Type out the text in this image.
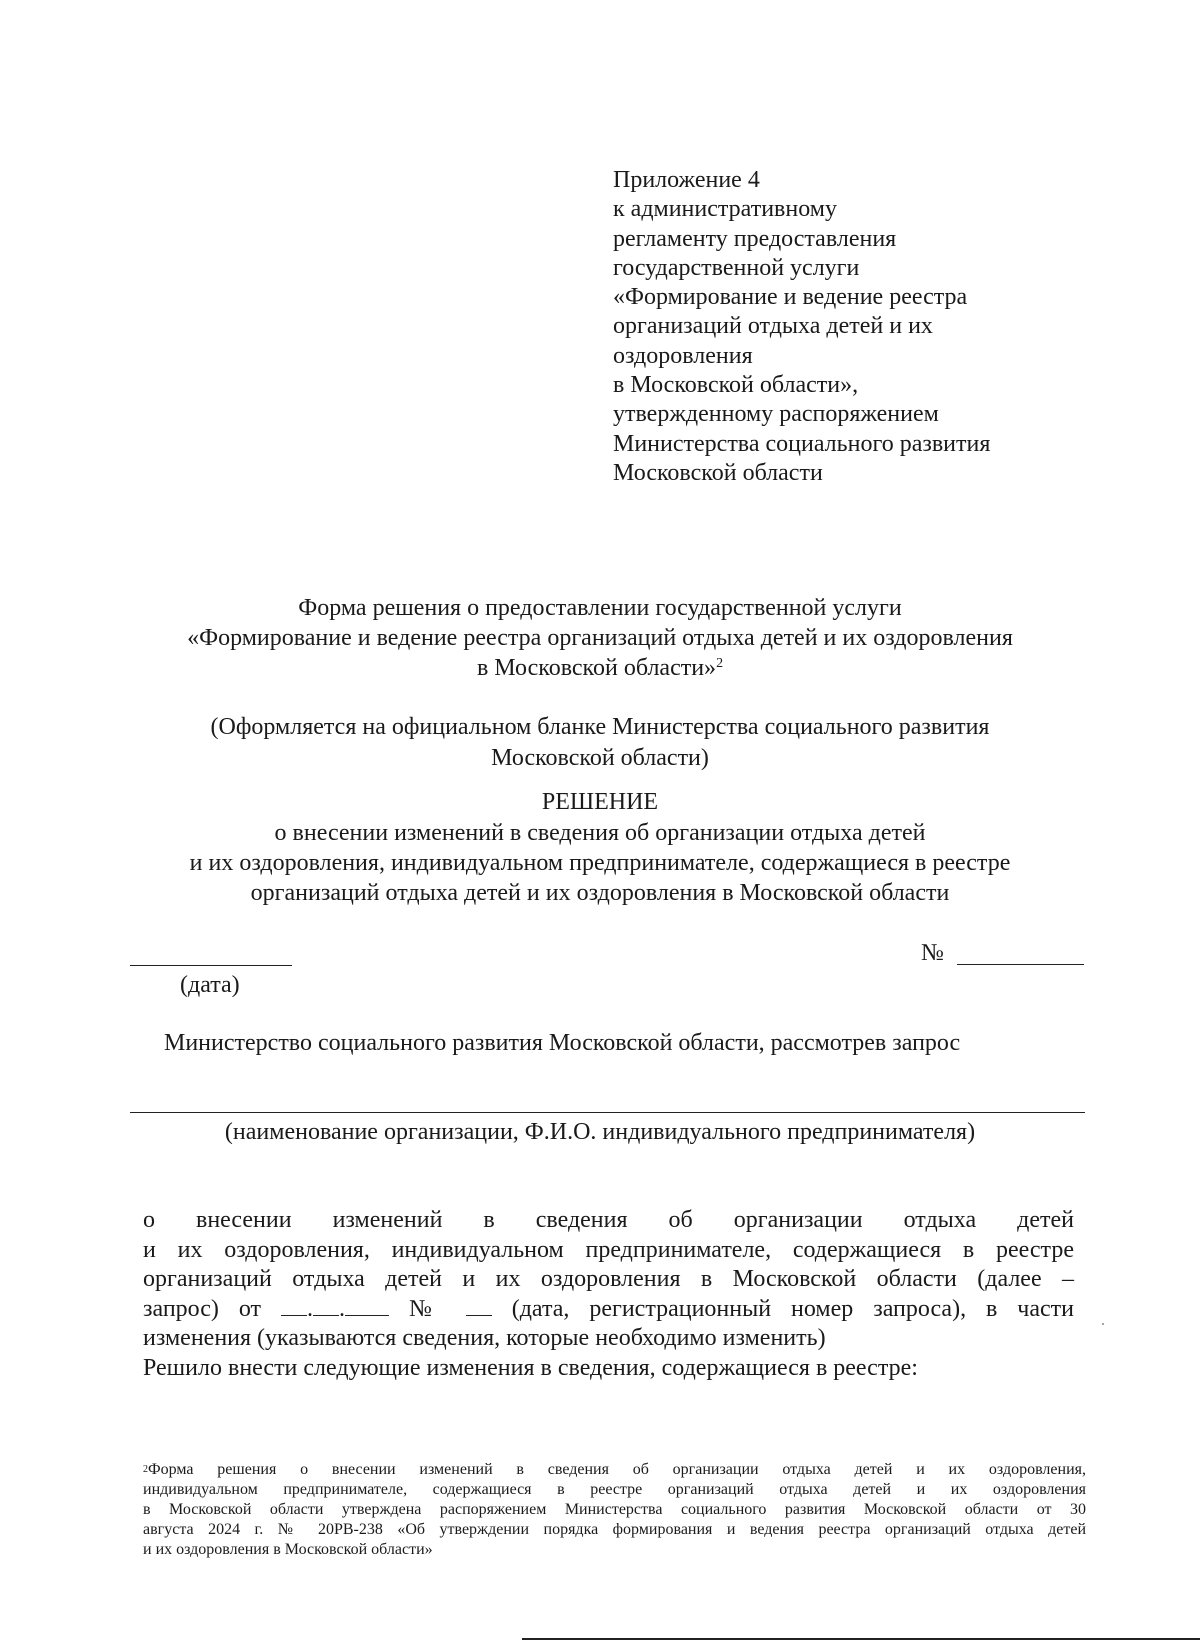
Приложение 4
к административному
регламенту предоставления
государственной услуги
«Формирование и ведение реестра
организаций отдыха детей и их
оздоровления
в Московской области»,
утвержденному распоряжением
Министерства социального развития
Московской области
Форма решения о предоставлении государственной услуги
«Формирование и ведение реестра организаций отдыха детей и их оздоровления
в Московской области»$^2$
(Оформляется на официальном бланке Министерства социального развития
Московской области)
РЕШЕНИЕ
о внесении изменений в сведения об организации отдыха детей
и их оздоровления, индивидуальном предпринимателе, содержащиеся в реестре
организаций отдыха детей и их оздоровления в Московской области
(дата)
№
Министерство социального развития Московской области, рассмотрев запрос
(наименование организации, Ф.И.О. индивидуального предпринимателя)
о внесении изменений в сведения об организации отдыха детей
и их оздоровления, индивидуальном предпринимателе, содержащиеся в реестре
организаций отдыха детей и их оздоровления в Московской области (далее –
запрос) от . .	№	(дата, регистрационный номер запроса), в части
изменения (указываются сведения, которые необходимо изменить)
Решило внести следующие изменения в сведения, содержащиеся в реестре:
$^2$Форма решения о внесении изменений в сведения об организации отдыха детей и их оздоровления,
индивидуальном предпринимателе, содержащиеся в реестре организаций отдыха детей и их оздоровления
в Московской области утверждена распоряжением Министерства социального развития Московской области от 30
августа 2024 г. № 20РВ-238 «Об утверждении порядка формирования и ведения реестра организаций отдыха детей
и их оздоровления в Московской области»
